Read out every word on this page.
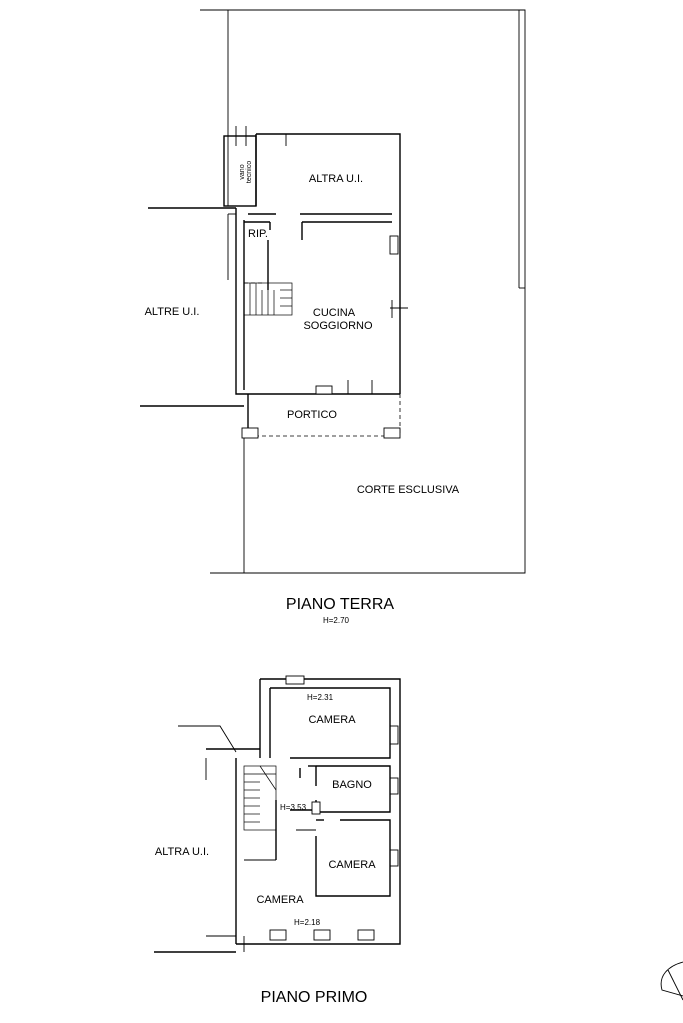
ALTRA U.I.
vano tecnico
RIP.
ALTRE U.I.	CUCINA
SOGGIORNO
PORTICO
CORTE ESCLUSIVA
PIANO TERRA
H=2.70
H=2.31
CAMERA
BAGNO
H=3.53
CAMERA
CAMERA
H=2.18
ALTRA U.I.
PIANO PRIMO
